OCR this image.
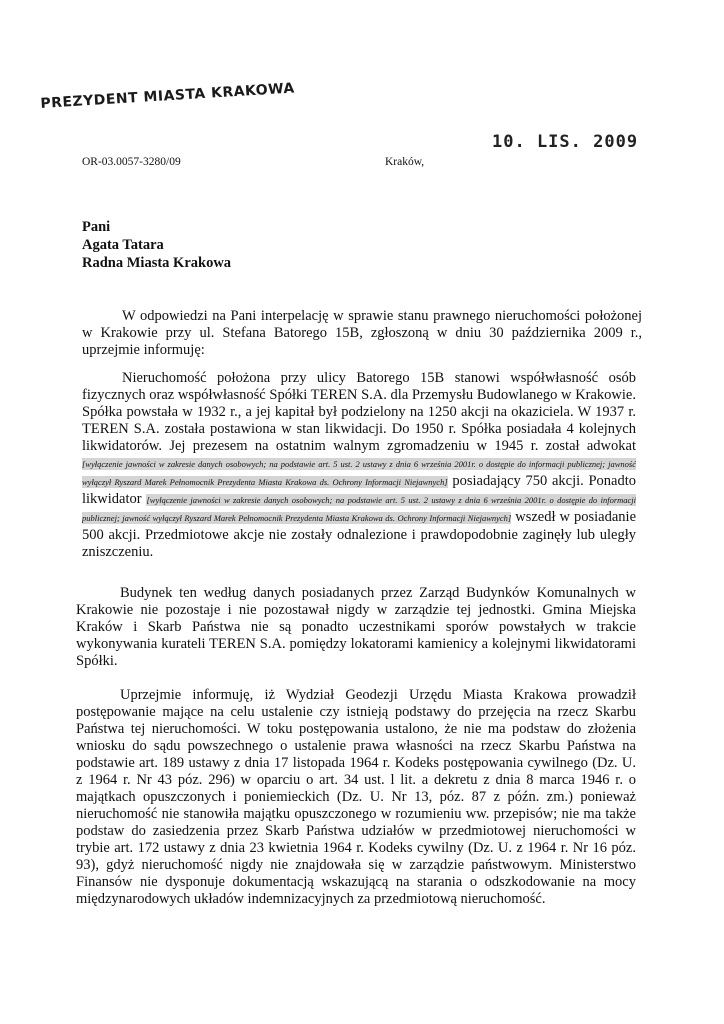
PREZYDENT MIASTA KRAKOWA
10. LIS. 2009
OR-03.0057-3280/09	Kraków,
Pani
Agata Tatara
Radna Miasta Krakowa
W odpowiedzi na Pani interpelację w sprawie stanu prawnego nieruchomości położonej w Krakowie przy ul. Stefana Batorego 15B, zgłoszoną w dniu 30 października 2009 r., uprzejmie informuję:
Nieruchomość położona przy ulicy Batorego 15B stanowi współwłasność osób fizycznych oraz współwłasność Spółki TEREN S.A. dla Przemysłu Budowlanego w Krakowie. Spółka powstała w 1932 r., a jej kapitał był podzielony na 1250 akcji na okaziciela. W 1937 r. TEREN S.A. została postawiona w stan likwidacji. Do 1950 r. Spółka posiadała 4 kolejnych likwidatorów. Jej prezesem na ostatnim walnym zgromadzeniu w 1945 r. został adwokat [wyłączenie jawności w zakresie danych osobowych; na podstawie art. 5 ust. 2 ustawy z dnia 6 września 2001r. o dostępie do informacji publicznej; jawność wyłączył Ryszard Marek Pełnomocnik Prezydenta Miasta Krakowa ds. Ochrony Informacji Niejawnych] posiadający 750 akcji. Ponadto likwidator [wyłączenie jawności w zakresie danych osobowych; na podstawie art. 5 ust. 2 ustawy z dnia 6 września 2001r. o dostępie do informacji publicznej; jawność wyłączył Ryszard Marek Pełnomocnik Prezydenta Miasta Krakowa ds. Ochrony Informacji Niejawnych] wszedł w posiadanie 500 akcji. Przedmiotowe akcje nie zostały odnalezione i prawdopodobnie zaginęły lub uległy zniszczeniu.
Budynek ten według danych posiadanych przez Zarząd Budynków Komunalnych w Krakowie nie pozostaje i nie pozostawał nigdy w zarządzie tej jednostki. Gmina Miejska Kraków i Skarb Państwa nie są ponadto uczestnikami sporów powstałych w trakcie wykonywania kurateli TEREN S.A. pomiędzy lokatorami kamienicy a kolejnymi likwidatorami Spółki.
Uprzejmie informuję, iż Wydział Geodezji Urzędu Miasta Krakowa prowadził postępowanie mające na celu ustalenie czy istnieją podstawy do przejęcia na rzecz Skarbu Państwa tej nieruchomości. W toku postępowania ustalono, że nie ma podstaw do złożenia wniosku do sądu powszechnego o ustalenie prawa własności na rzecz Skarbu Państwa na podstawie art. 189 ustawy z dnia 17 listopada 1964 r. Kodeks postępowania cywilnego (Dz. U. z 1964 r. Nr 43 póz. 296) w oparciu o art. 34 ust. l lit. a dekretu z dnia 8 marca 1946 r. o majątkach opuszczonych i poniemieckich (Dz. U. Nr 13, póz. 87 z późn. zm.) ponieważ nieruchomość nie stanowiła majątku opuszczonego w rozumieniu ww. przepisów; nie ma także podstaw do zasiedzenia przez Skarb Państwa udziałów w przedmiotowej nieruchomości w trybie art. 172 ustawy z dnia 23 kwietnia 1964 r. Kodeks cywilny (Dz. U. z 1964 r. Nr 16 póz. 93), gdyż nieruchomość nigdy nie znajdowała się w zarządzie państwowym. Ministerstwo Finansów nie dysponuje dokumentacją wskazującą na starania o odszkodowanie na mocy międzynarodowych układów indemnizacyjnych za przedmiotową nieruchomość.
